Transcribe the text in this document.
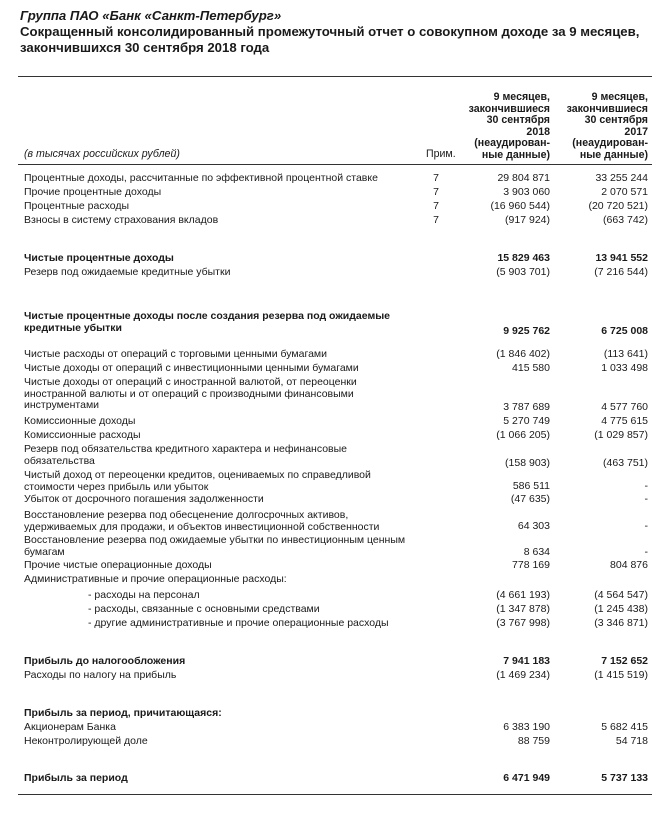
Группа ПАО «Банк «Санкт-Петербург»
Сокращенный консолидированный промежуточный отчет о совокупном доходе за 9 месяцев,
закончившихся 30 сентября 2018 года
9 месяцев,
закончившиеся
30 сентября
2018
(неаудирован-
ные данные)
9 месяцев,
закончившиеся
30 сентября
2017
(неаудирован-
ные данные)
(в тысячах российских рублей)	Прим.
Процентные доходы, рассчитанные по эффективной процентной ставке	7	29 804 871	33 255 244
Прочие процентные доходы	7	3 903 060	2 070 571
Процентные расходы	7	(16 960 544)	(20 720 521)
Взносы в систему страхования вкладов	7	(917 924)	(663 742)
Чистые процентные доходы	15 829 463	13 941 552
Резерв под ожидаемые кредитные убытки	(5 903 701)	(7 216 544)
Чистые процентные доходы после создания резерва под ожидаемые кредитные убытки	9 925 762	6 725 008
Чистые расходы от операций с торговыми ценными бумагами	(1 846 402)	(113 641)
Чистые доходы от операций с инвестиционными ценными бумагами	415 580	1 033 498
Чистые доходы от операций с иностранной валютой, от переоценки иностранной валюты и от операций с производными финансовыми инструментами	3 787 689	4 577 760
Комиссионные доходы	5 270 749	4 775 615
Комиссионные расходы	(1 066 205)	(1 029 857)
Резерв под обязательства кредитного характера и нефинансовые обязательства	(158 903)	(463 751)
Чистый доход от переоценки кредитов, оцениваемых по справедливой стоимости через прибыль или убыток	586 511	-
Убыток от досрочного погашения задолженности	(47 635)	-
Восстановление резерва под обесценение долгосрочных активов, удерживаемых для продажи, и объектов инвестиционной собственности	64 303	-
Восстановление резерва под ожидаемые убытки по инвестиционным ценным бумагам	8 634	-
Прочие чистые операционные доходы	778 169	804 876
Административные и прочие операционные расходы:
- расходы на персонал	(4 661 193)	(4 564 547)
- расходы, связанные с основными средствами	(1 347 878)	(1 245 438)
- другие административные и прочие операционные расходы	(3 767 998)	(3 346 871)
Прибыль до налогообложения	7 941 183	7 152 652
Расходы по налогу на прибыль	(1 469 234)	(1 415 519)
Прибыль за период, причитающаяся:
Акционерам Банка	6 383 190	5 682 415
Неконтролирующей доле	88 759	54 718
Прибыль за период	6 471 949	5 737 133
